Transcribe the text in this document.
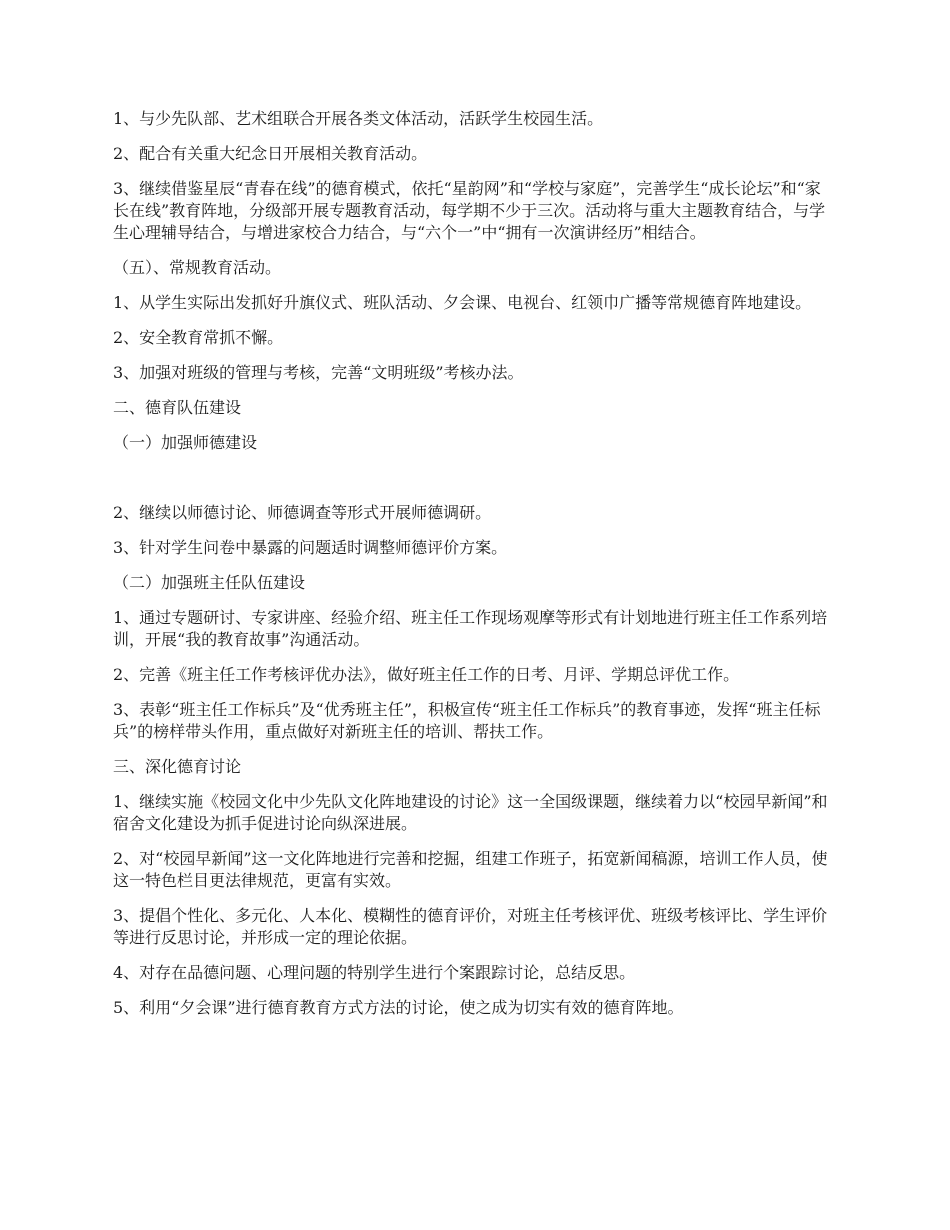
1、与少先队部、艺术组联合开展各类文体活动，活跃学生校园生活。

2、配合有关重大纪念日开展相关教育活动。

3、继续借鉴星辰“青春在线”的德育模式，依托“星韵网”和“学校与家庭”，完善学生“成长论坛”和“家长在线”教育阵地，分级部开展专题教育活动，每学期不少于三次。活动将与重大主题教育结合，与学生心理辅导结合，与增进家校合力结合，与“六个一”中“拥有一次演讲经历”相结合。

（五）、常规教育活动。

1、从学生实际出发抓好升旗仪式、班队活动、夕会课、电视台、红领巾广播等常规德育阵地建设。

2、安全教育常抓不懈。

3、加强对班级的管理与考核，完善“文明班级”考核办法。

二、德育队伍建设

（一）加强师德建设

2、继续以师德讨论、师德调查等形式开展师德调研。

3、针对学生问卷中暴露的问题适时调整师德评价方案。

（二）加强班主任队伍建设

1、通过专题研讨、专家讲座、经验介绍、班主任工作现场观摩等形式有计划地进行班主任工作系列培训，开展“我的教育故事”沟通活动。

2、完善《班主任工作考核评优办法》，做好班主任工作的日考、月评、学期总评优工作。

3、表彰“班主任工作标兵”及“优秀班主任”，积极宣传“班主任工作标兵”的教育事迹，发挥“班主任标兵”的榜样带头作用，重点做好对新班主任的培训、帮扶工作。

三、深化德育讨论

1、继续实施《校园文化中少先队文化阵地建设的讨论》这一全国级课题，继续着力以“校园早新闻”和宿舍文化建设为抓手促进讨论向纵深进展。

2、对“校园早新闻”这一文化阵地进行完善和挖掘，组建工作班子，拓宽新闻稿源，培训工作人员，使这一特色栏目更法律规范，更富有实效。

3、提倡个性化、多元化、人本化、模糊性的德育评价，对班主任考核评优、班级考核评比、学生评价等进行反思讨论，并形成一定的理论依据。

4、对存在品德问题、心理问题的特别学生进行个案跟踪讨论，总结反思。

5、利用“夕会课”进行德育教育方式方法的讨论，使之成为切实有效的德育阵地。
